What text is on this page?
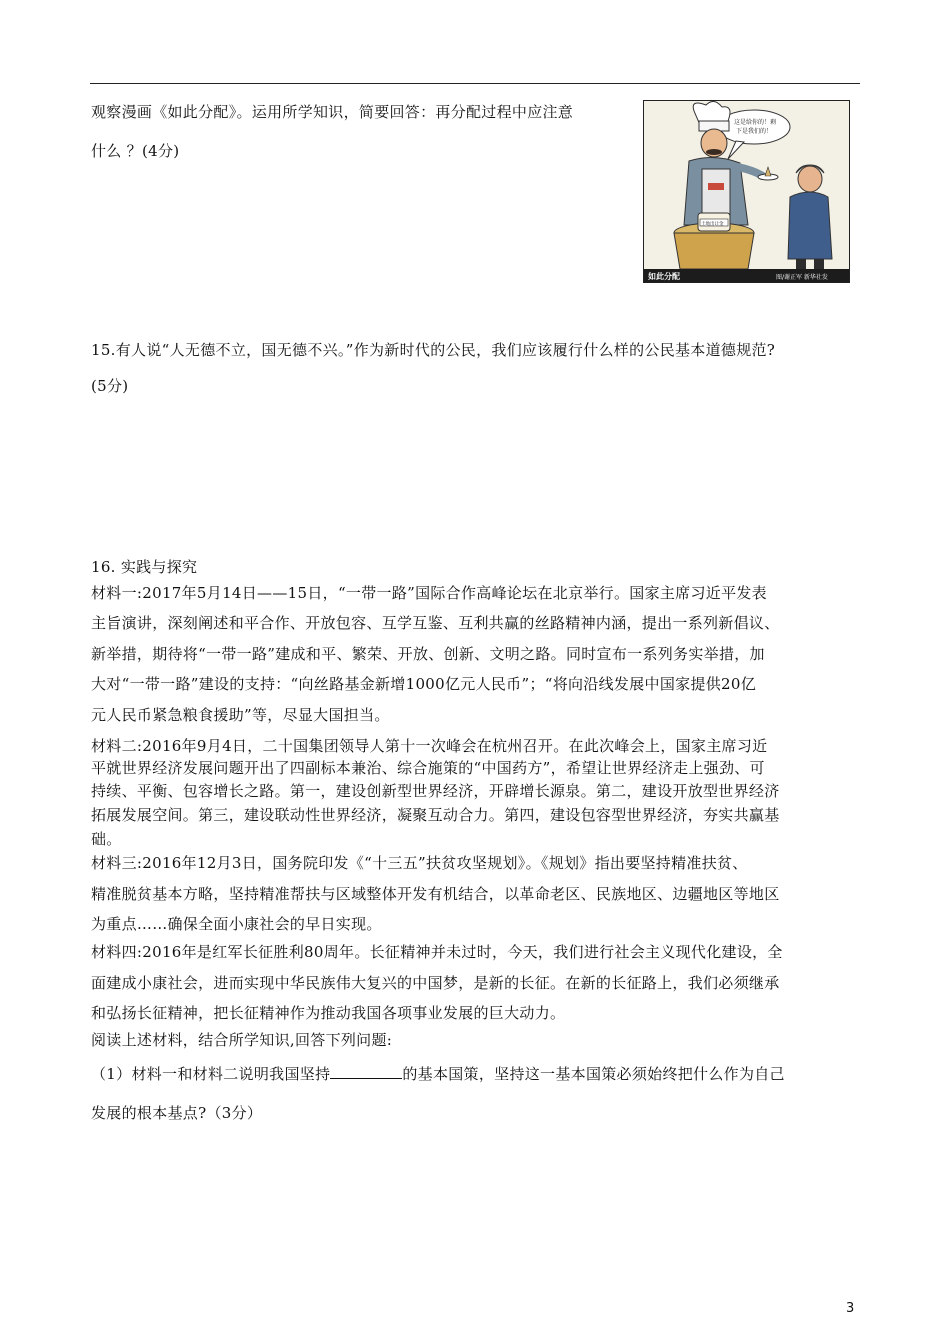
观察漫画《如此分配》。运用所学知识，简要回答：再分配过程中应注意
什么 ？(4分)
这是给你的！剩
下是我们的！
土地出让金
如此分配	图/谢正军 新华社发
15.有人说“人无德不立，国无德不兴。”作为新时代的公民，我们应该履行什么样的公民基本道德规范?
(5分)
16. 实践与探究
材料一:2017年5月14日——15日，“一带一路”国际合作高峰论坛在北京举行。国家主席习近平发表
主旨演讲，深刻阐述和平合作、开放包容、互学互鉴、互利共赢的丝路精神内涵，提出一系列新倡议、
新举措，期待将“一带一路”建成和平、繁荣、开放、创新、文明之路。同时宣布一系列务实举措，加
大对“一带一路”建设的支持：“向丝路基金新增1000亿元人民币”；“将向沿线发展中国家提供20亿
元人民币紧急粮食援助”等，尽显大国担当。
材料二:2016年9月4日，二十国集团领导人第十一次峰会在杭州召开。在此次峰会上，国家主席习近
平就世界经济发展问题开出了四副标本兼治、综合施策的“中国药方”，希望让世界经济走上强劲、可
持续、平衡、包容增长之路。第一，建设创新型世界经济，开辟增长源泉。第二，建设开放型世界经济
拓展发展空间。第三，建设联动性世界经济，凝聚互动合力。第四，建设包容型世界经济，夯实共赢基
础。
材料三:2016年12月3日，国务院印发《“十三五”扶贫攻坚规划》。《规划》指出要坚持精准扶贫、
精准脱贫基本方略，坚持精准帮扶与区域整体开发有机结合，以革命老区、民族地区、边疆地区等地区
为重点……确保全面小康社会的早日实现。
材料四:2016年是红军长征胜利80周年。长征精神并未过时，今天，我们进行社会主义现代化建设，全
面建成小康社会，进而实现中华民族伟大复兴的中国梦，是新的长征。在新的长征路上，我们必须继承
和弘扬长征精神，把长征精神作为推动我国各项事业发展的巨大动力。
阅读上述材料，结合所学知识,回答下列问题:
（1）材料一和材料二说明我国坚持	的基本国策，坚持这一基本国策必须始终把什么作为自己
发展的根本基点?（3分）
3
